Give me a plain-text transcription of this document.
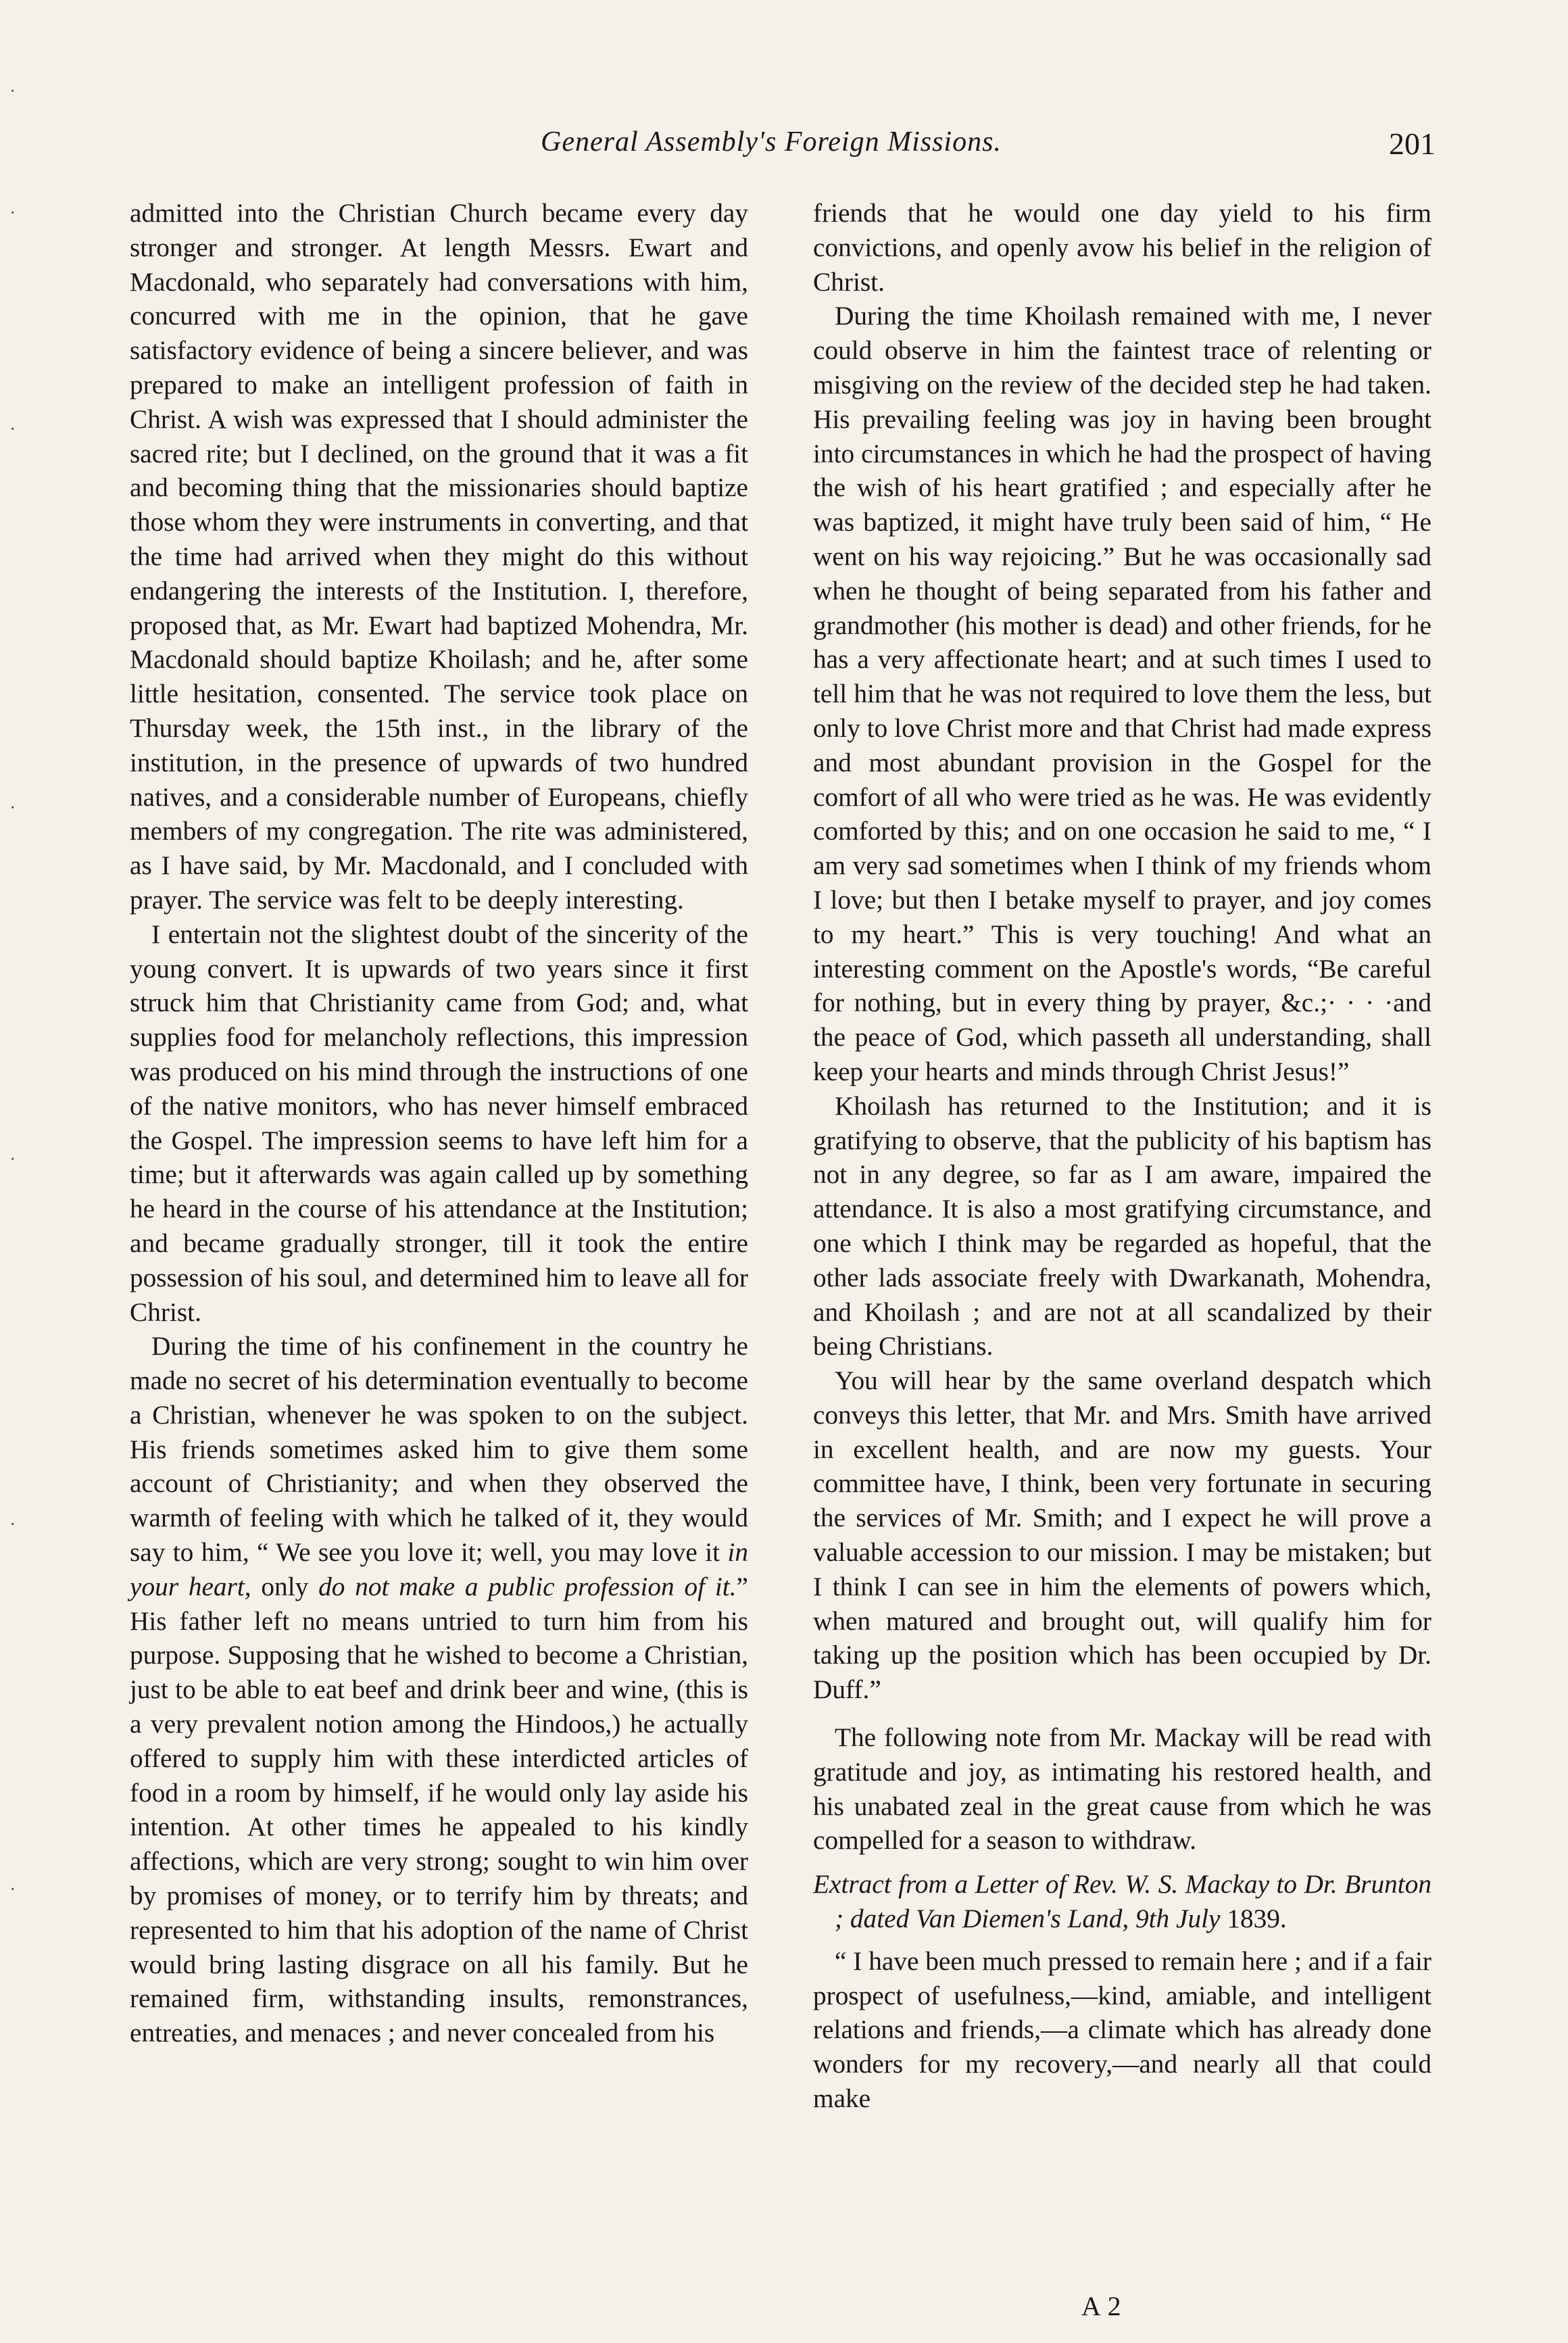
·
·
·
·
·
·
·
General Assembly's Foreign Missions.	201

admitted into the Christian Church became every day stronger and stronger. At length Messrs. Ewart and Macdonald, who separately had conversations with him, concurred with me in the opinion, that he gave satisfactory evidence of being a sincere believer, and was prepared to make an intelligent profession of faith in Christ. A wish was expressed that I should administer the sacred rite; but I declined, on the ground that it was a fit and becoming thing that the missionaries should baptize those whom they were instruments in converting, and that the time had arrived when they might do this without endangering the interests of the Institution. I, therefore, proposed that, as Mr. Ewart had baptized Mohendra, Mr. Macdonald should baptize Khoilash; and he, after some little hesitation, consented. The service took place on Thursday week, the 15th inst., in the library of the institution, in the presence of upwards of two hundred natives, and a considerable number of Europeans, chiefly members of my congregation. The rite was administered, as I have said, by Mr. Macdonald, and I concluded with prayer. The service was felt to be deeply interesting.

I entertain not the slightest doubt of the sincerity of the young convert. It is upwards of two years since it first struck him that Christianity came from God; and, what supplies food for melancholy reflections, this impression was produced on his mind through the instructions of one of the native monitors, who has never himself embraced the Gospel. The impression seems to have left him for a time; but it afterwards was again called up by something he heard in the course of his attendance at the Institution; and became gradually stronger, till it took the entire possession of his soul, and determined him to leave all for Christ.

During the time of his confinement in the country he made no secret of his determination eventually to become a Christian, whenever he was spoken to on the subject. His friends sometimes asked him to give them some account of Christianity; and when they observed the warmth of feeling with which he talked of it, they would say to him, “ We see you love it; well, you may love it in your heart, only do not make a public profession of it.” His father left no means untried to turn him from his purpose. Supposing that he wished to become a Christian, just to be able to eat beef and drink beer and wine, (this is a very prevalent notion among the Hindoos,) he actually offered to supply him with these interdicted articles of food in a room by himself, if he would only lay aside his intention. At other times he appealed to his kindly affections, which are very strong; sought to win him over by promises of money, or to terrify him by threats; and represented to him that his adoption of the name of Christ would bring lasting disgrace on all his family. But he remained firm, withstanding insults, remonstrances, entreaties, and menaces ; and never concealed from his

friends that he would one day yield to his firm convictions, and openly avow his belief in the religion of Christ.

During the time Khoilash remained with me, I never could observe in him the faintest trace of relenting or misgiving on the review of the decided step he had taken. His prevailing feeling was joy in having been brought into circumstances in which he had the prospect of having the wish of his heart gratified ; and especially after he was baptized, it might have truly been said of him, “ He went on his way rejoicing.” But he was occasionally sad when he thought of being separated from his father and grandmother (his mother is dead) and other friends, for he has a very affectionate heart; and at such times I used to tell him that he was not required to love them the less, but only to love Christ more and that Christ had made express and most abundant provision in the Gospel for the comfort of all who were tried as he was. He was evidently comforted by this; and on one occasion he said to me, “ I am very sad sometimes when I think of my friends whom I love; but then I betake myself to prayer, and joy comes to my heart.” This is very touching! And what an interesting comment on the Apostle's words, “Be careful for nothing, but in every thing by prayer, &c.;· · · ·and the peace of God, which passeth all understanding, shall keep your hearts and minds through Christ Jesus!”

Khoilash has returned to the Institution; and it is gratifying to observe, that the publicity of his baptism has not in any degree, so far as I am aware, impaired the attendance. It is also a most gratifying circumstance, and one which I think may be regarded as hopeful, that the other lads associate freely with Dwarkanath, Mohendra, and Khoilash ; and are not at all scandalized by their being Christians.

You will hear by the same overland despatch which conveys this letter, that Mr. and Mrs. Smith have arrived in excellent health, and are now my guests. Your committee have, I think, been very fortunate in securing the services of Mr. Smith; and I expect he will prove a valuable accession to our mission. I may be mistaken; but I think I can see in him the elements of powers which, when matured and brought out, will qualify him for taking up the position which has been occupied by Dr. Duff.”

The following note from Mr. Mackay will be read with gratitude and joy, as intimating his restored health, and his unabated zeal in the great cause from which he was compelled for a season to withdraw.

Extract from a Letter of Rev. W. S. Mackay to Dr. Brunton ; dated Van Diemen's Land, 9th July 1839.

“ I have been much pressed to remain here ; and if a fair prospect of usefulness,—kind, amiable, and intelligent relations and friends,—a climate which has already done wonders for my recovery,—and nearly all that could make

A 2
